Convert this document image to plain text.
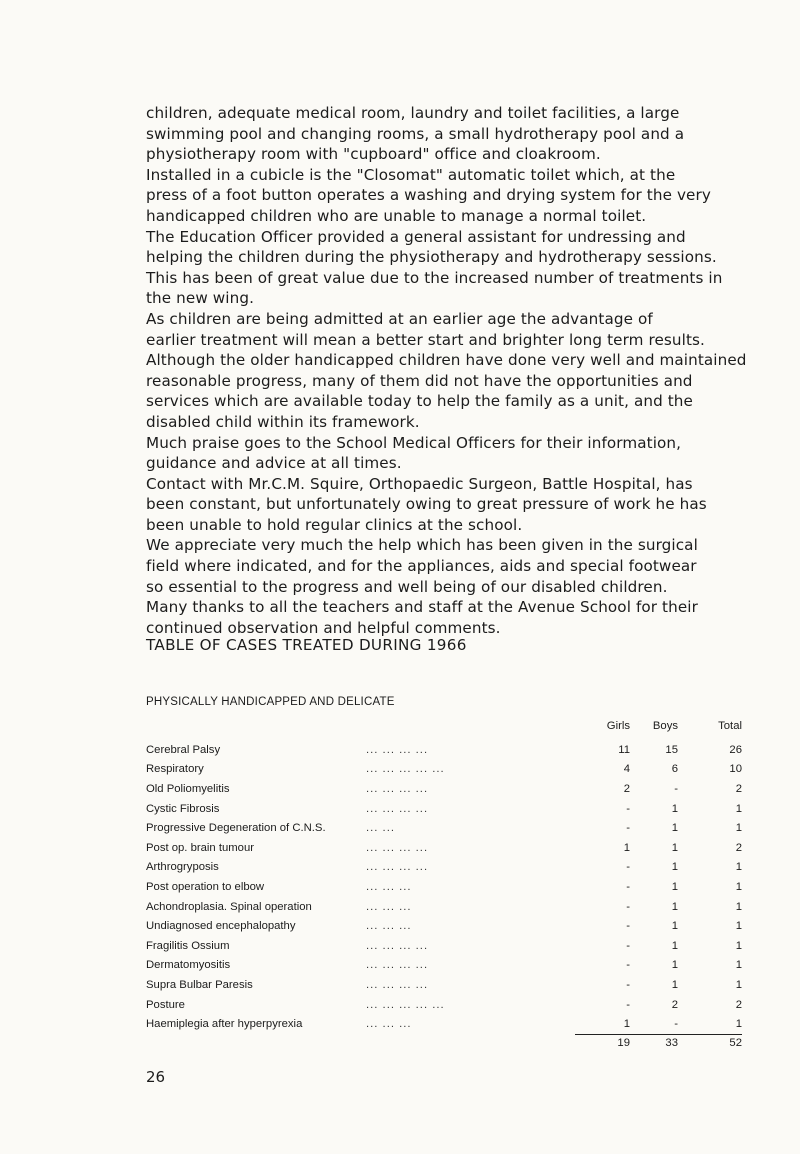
children, adequate medical room, laundry and toilet facilities, a large
swimming pool and changing rooms, a small hydrotherapy pool and a
physiotherapy room with "cupboard" office and cloakroom.
Installed in a cubicle is the "Closomat" automatic toilet which, at the
press of a foot button operates a washing and drying system for the very
handicapped children who are unable to manage a normal toilet.

The Education Officer provided a general assistant for undressing and
helping the children during the physiotherapy and hydrotherapy sessions.
This has been of great value due to the increased number of treatments in
the new wing.

As children are being admitted at an earlier age the advantage of
earlier treatment will mean a better start and brighter long term results.
Although the older handicapped children have done very well and maintained
reasonable progress, many of them did not have the opportunities and
services which are available today to help the family as a unit, and the
disabled child within its framework.

Much praise goes to the School Medical Officers for their information,
guidance and advice at all times.

Contact with Mr.C.M. Squire, Orthopaedic Surgeon, Battle Hospital, has
been constant, but unfortunately owing to great pressure of work he has
been unable to hold regular clinics at the school.

We appreciate very much the help which has been given in the surgical
field where indicated, and for the appliances, aids and special footwear
so essential to the progress and well being of our disabled children.

Many thanks to all the teachers and staff at the Avenue School for their
continued observation and helpful comments.

TABLE OF CASES TREATED DURING 1966
PHYSICALLY HANDICAPPED AND DELICATE
		Girls	Boys	Total
Cerebral Palsy	... ... ... ...	11	15	26
Respiratory	... ... ... ... ...	4	6	10
Old Poliomyelitis	... ... ... ...	2	-	2
Cystic Fibrosis	... ... ... ...	-	1	1
Progressive Degeneration of C.N.S.	... ...	-	1	1
Post op. brain tumour	... ... ... ...	1	1	2
Arthrogryposis	... ... ... ...	-	1	1
Post operation to elbow	... ... ...	-	1	1
Achondroplasia. Spinal operation	... ... ...	-	1	1
Undiagnosed encephalopathy	... ... ...	-	1	1
Fragilitis Ossium	... ... ... ...	-	1	1
Dermatomyositis	... ... ... ...	-	1	1
Supra Bulbar Paresis	... ... ... ...	-	1	1
Posture	... ... ... ... ...	-	2	2
Haemiplegia after hyperpyrexia	... ... ...	1	-	1
		19	33	52
26
